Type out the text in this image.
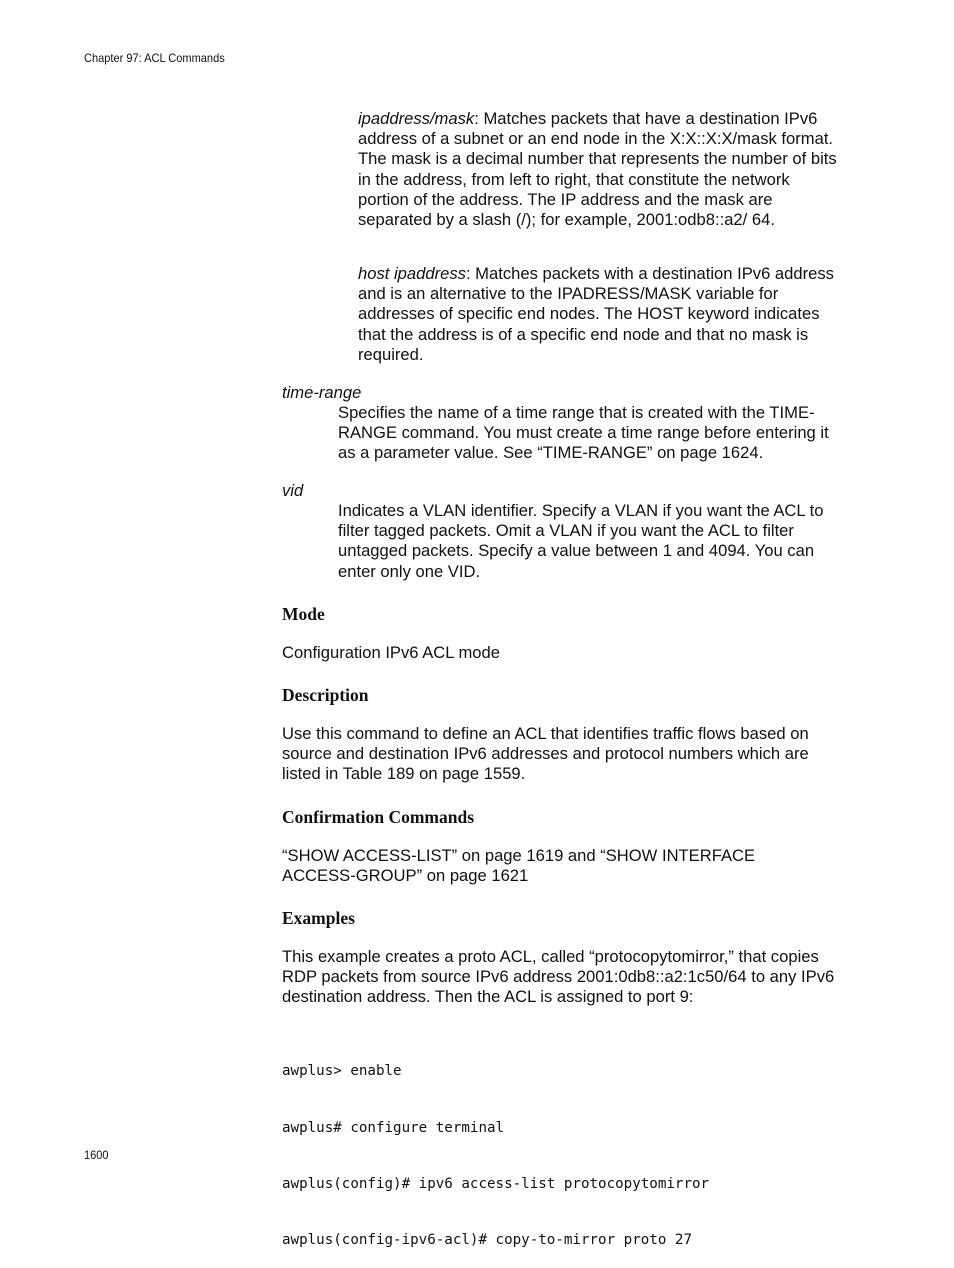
Chapter 97: ACL Commands

ipaddress/mask: Matches packets that have a destination IPv6 address of a subnet or an end node in the X:X::X:X/mask format. The mask is a decimal number that represents the number of bits in the address, from left to right, that constitute the network portion of the address. The IP address and the mask are separated by a slash (/); for example, 2001:odb8::a2/ 64.

host ipaddress: Matches packets with a destination IPv6 address and is an alternative to the IPADRESS/MASK variable for addresses of specific end nodes. The HOST keyword indicates that the address is of a specific end node and that no mask is required.

time-range

Specifies the name of a time range that is created with the TIME-RANGE command. You must create a time range before entering it as a parameter value. See “TIME-RANGE” on page 1624.

vid

Indicates a VLAN identifier. Specify a VLAN if you want the ACL to filter tagged packets. Omit a VLAN if you want the ACL to filter untagged packets. Specify a value between 1 and 4094. You can enter only one VID.

Mode

Configuration IPv6 ACL mode

Description

Use this command to define an ACL that identifies traffic flows based on source and destination IPv6 addresses and protocol numbers which are listed in Table 189 on page 1559.

Confirmation Commands

“SHOW ACCESS-LIST” on page 1619 and “SHOW INTERFACE ACCESS-GROUP” on page 1621

Examples

This example creates a proto ACL, called “protocopytomirror,” that copies RDP packets from source IPv6 address 2001:0db8::a2:1c50/64 to any IPv6 destination address. Then the ACL is assigned to port 9:

awplus> enable

awplus# configure terminal

awplus(config)# ipv6 access-list protocopytomirror

awplus(config-ipv6-acl)# copy-to-mirror proto 27

1600
